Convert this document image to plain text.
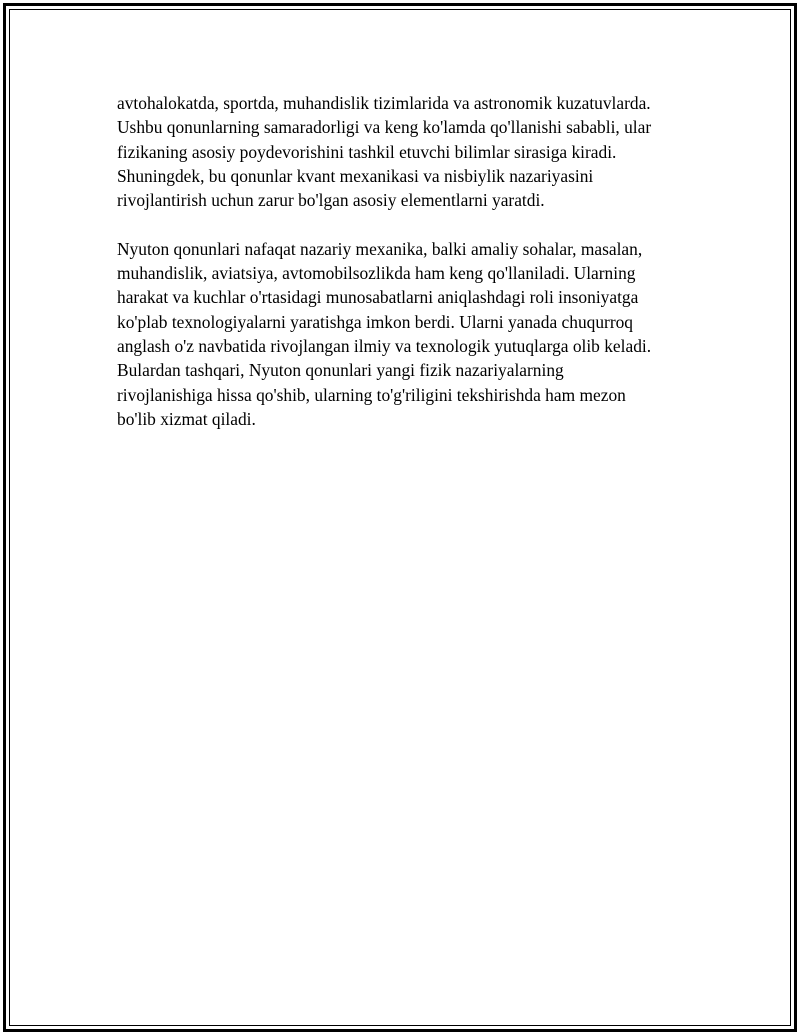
avtohalokatda, sportda, muhandislik tizimlarida va astronomik kuzatuvlarda.
Ushbu qonunlarning samaradorligi va keng ko'lamda qo'llanishi sababli, ular
fizikaning asosiy poydevorishini tashkil etuvchi bilimlar sirasiga kiradi.
Shuningdek, bu qonunlar kvant mexanikasi va nisbiylik nazariyasini
rivojlantirish uchun zarur bo'lgan asosiy elementlarni yaratdi.
Nyuton qonunlari nafaqat nazariy mexanika, balki amaliy sohalar, masalan,
muhandislik, aviatsiya, avtomobilsozlikda ham keng qo'llaniladi. Ularning
harakat va kuchlar o'rtasidagi munosabatlarni aniqlashdagi roli insoniyatga
ko'plab texnologiyalarni yaratishga imkon berdi. Ularni yanada chuqurroq
anglash o'z navbatida rivojlangan ilmiy va texnologik yutuqlarga olib keladi.
Bulardan tashqari, Nyuton qonunlari yangi fizik nazariyalarning
rivojlanishiga hissa qo'shib, ularning to'g'riligini tekshirishda ham mezon
bo'lib xizmat qiladi.
